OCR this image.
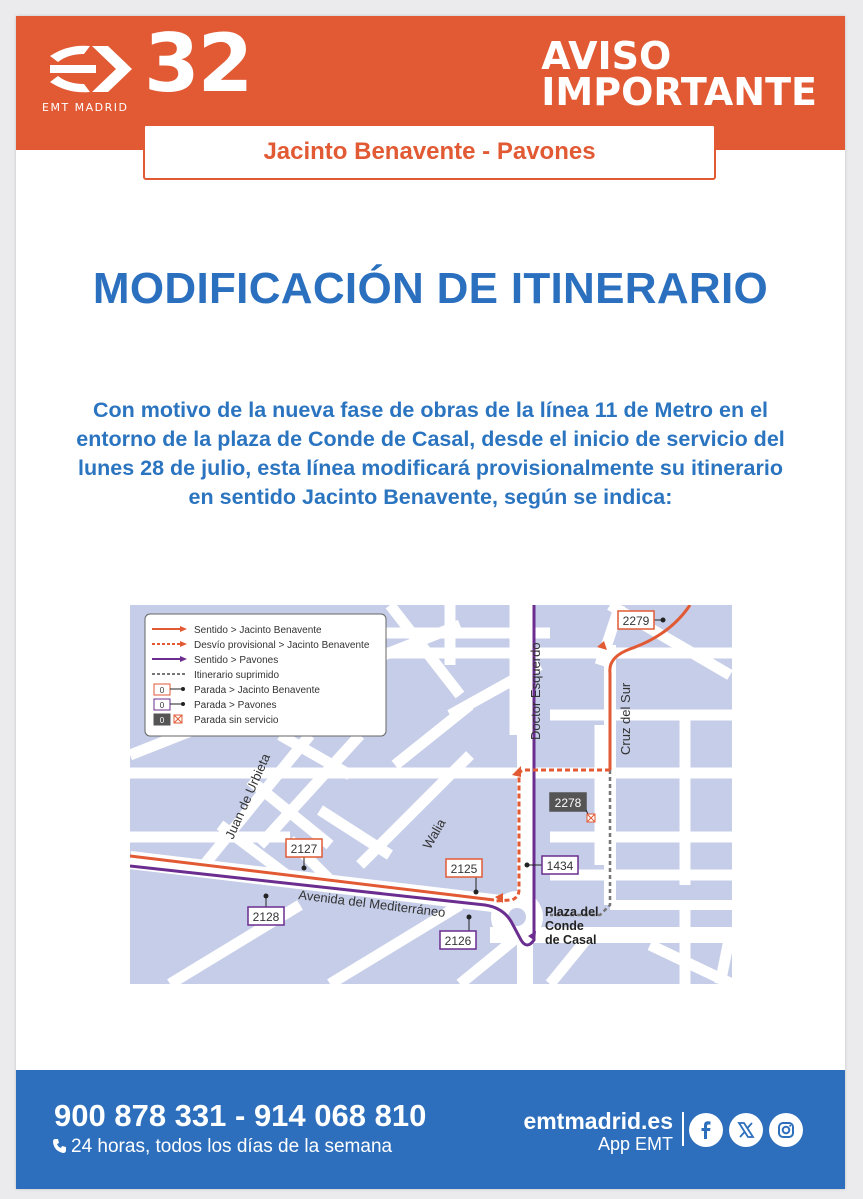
EMT MADRID 32	AVISO
IMPORTANTE
Jacinto Benavente - Pavones
MODIFICACIÓN DE ITINERARIO
Con motivo de la nueva fase de obras de la línea 11 de Metro en el entorno de la plaza de Conde de Casal, desde el inicio de servicio del lunes 28 de julio, esta línea modificará provisionalmente su itinerario en sentido Jacinto Benavente, según se indica:
Doctor Esquerdo	Cruz del Sur
Juan de Urbieta	Walia
Avenida del Mediterráneo	Plaza del
Conde
de Casal
2279
2278
2127
2125	1434
2128
2126
Sentido > Jacinto Benavente
Desvío provisional > Jacinto Benavente
Sentido > Pavones
Itinerario suprimido
0	Parada > Jacinto Benavente
0	Parada > Pavones
0	Parada sin servicio
900 878 331 - 914 068 810
24 horas, todos los días de la semana
emtmadrid.es
App EMT
